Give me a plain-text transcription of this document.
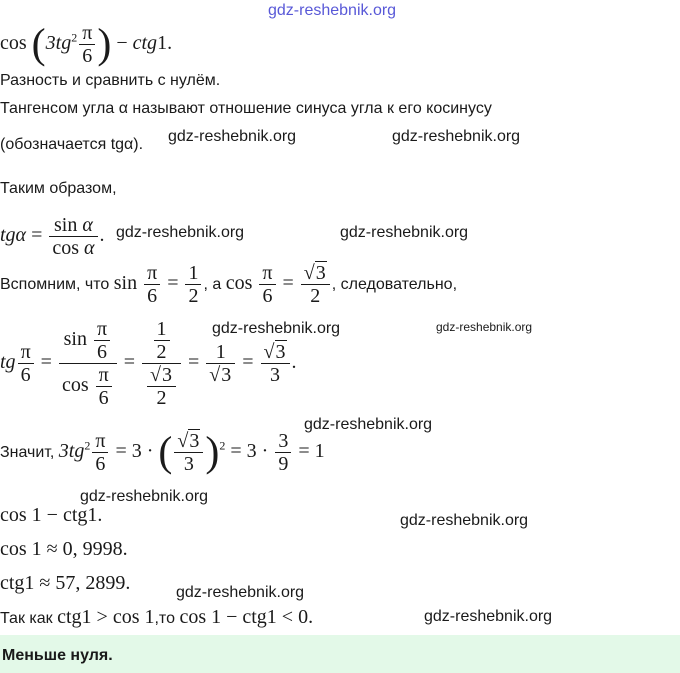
gdz-reshebnik.org
gdz-reshebnik.org	gdz-reshebnik.org
gdz-reshebnik.org	gdz-reshebnik.org
gdz-reshebnik.org	gdz-reshebnik.org
gdz-reshebnik.org
gdz-reshebnik.org
gdz-reshebnik.org
gdz-reshebnik.org
gdz-reshebnik.org
$\cos (3tg^2 \frac{\pi}{6}$ ) − ctg1.
Разность и сравнить с нулём.
Тангенсом угла α называют отношение синуса угла к его косинусу
(обозначается tgα).
Таким образом,
$tg\alpha = \frac{\text{sin α}}{\text{cos α}}$ .
Вспомним, что $\sin \frac{\pi}{6} = \frac{1}{2}$ , а $\cos \frac{\pi}{6} = \frac{√3}{2}$ , следовательно,
tg $\frac{\pi}{6} = \frac{\sin \frac{\pi}{6}}{\cos \frac{\pi}{6}} = \frac{\frac{1}{2}}{\frac{√3}{2}} = \frac{1}{√3} = \frac{√3}{3}$ .
Значит, $3tg^2 \frac{\pi}{6} = 3$ · ( $\frac{√3}{3} )^2 = 3 \cdot \frac{3}{9} = 1$
cos 1 − ctg1.
cos 1 ≈ 0, 9998.
ctg1 ≈ 57, 2899.
Так как ctg1 > cos 1,то cos 1 − ctg1 < 0.
Меньше нуля.
